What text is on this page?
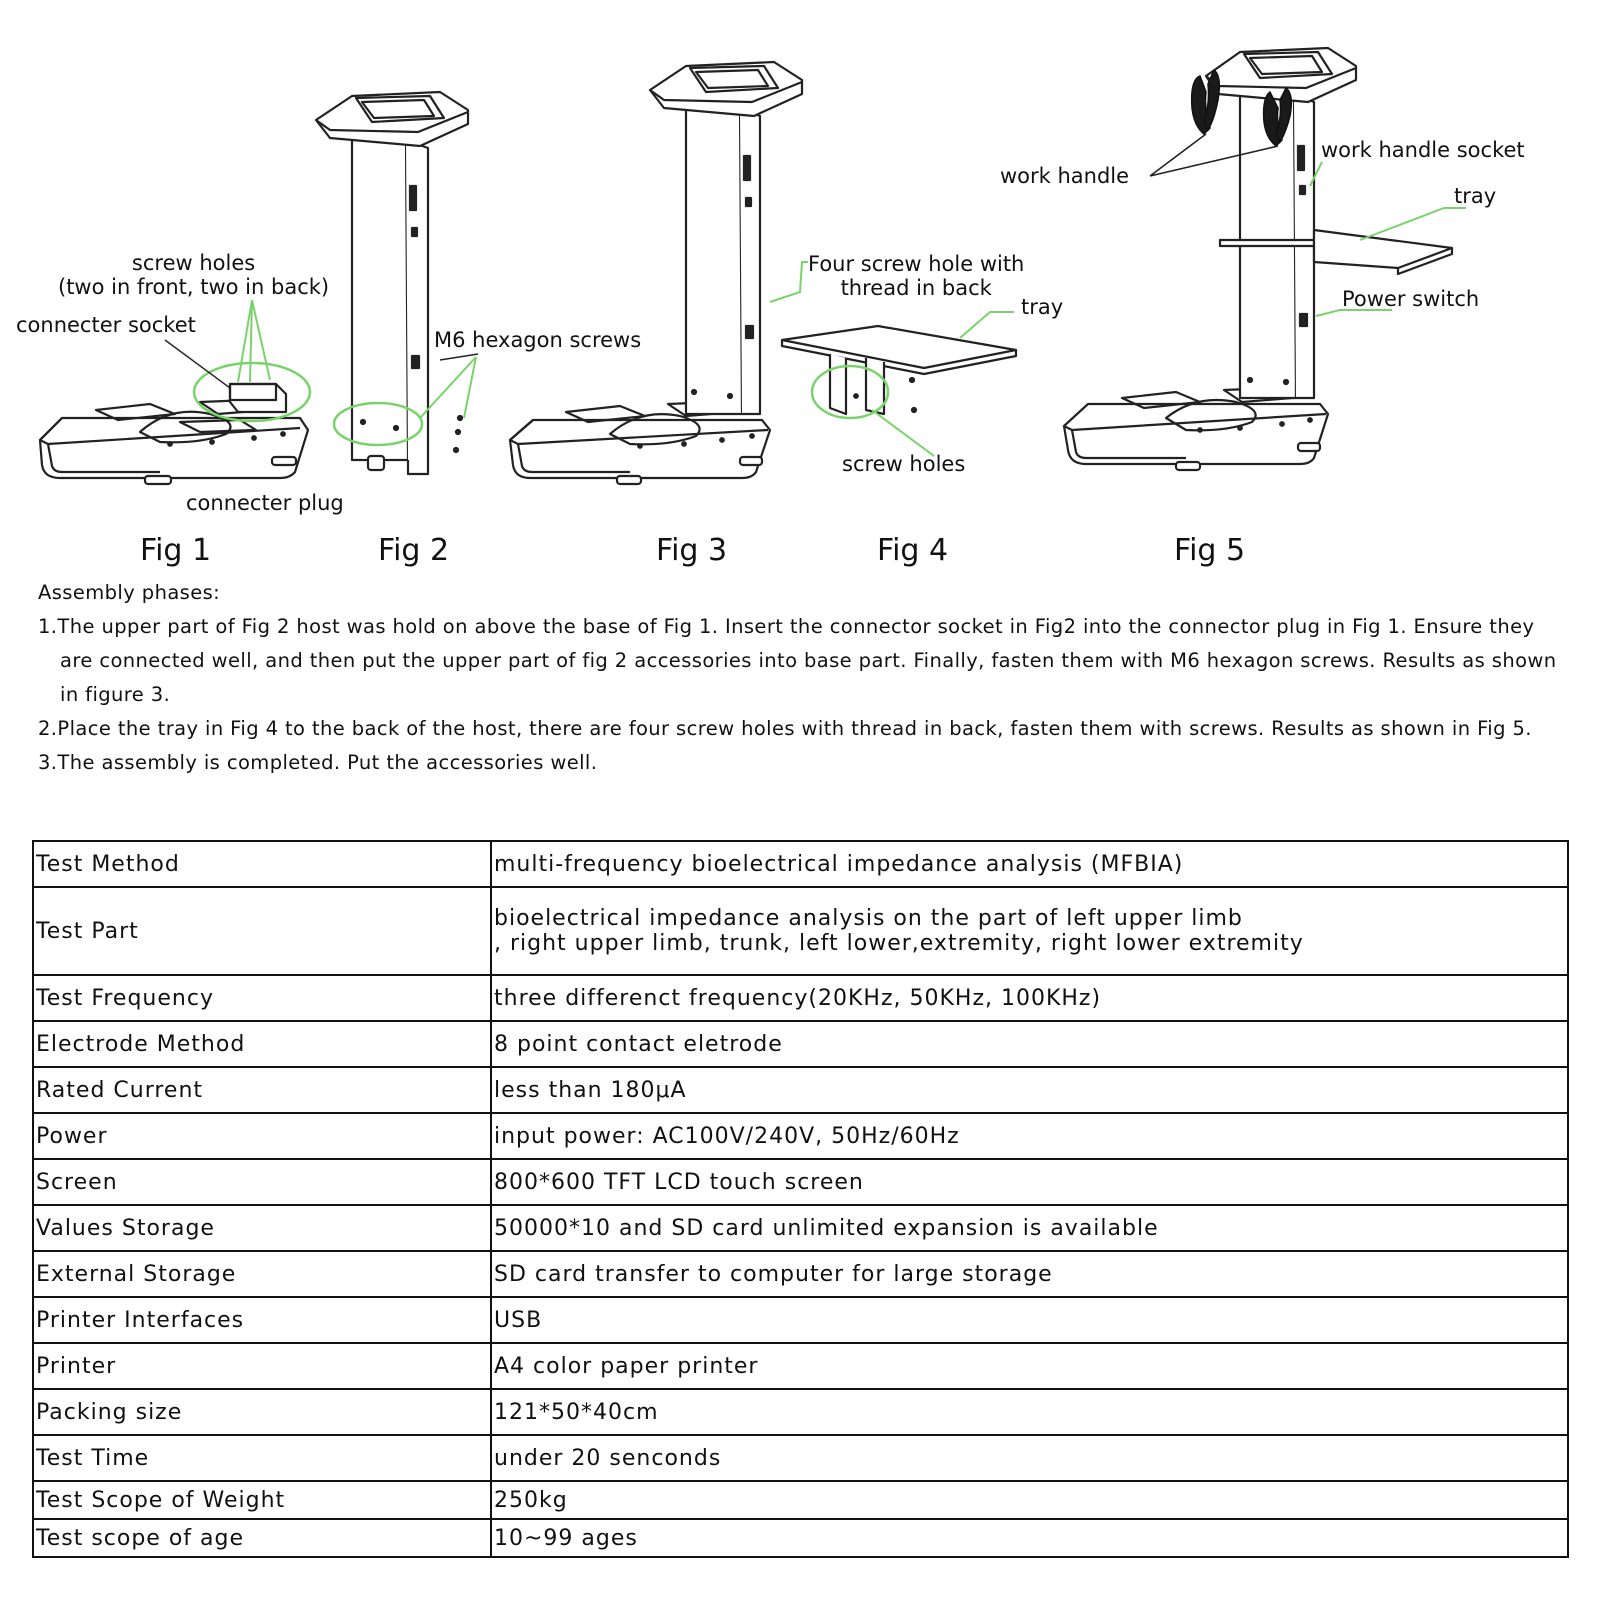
screw holes
(two in front, two in back)
connecter socket
connecter plug
M6 hexagon screws
Four screw hole with
thread in back
tray
screw holes
work handle
work handle socket
tray
Power switch
Fig 1	Fig 2	Fig 3	Fig 4	Fig 5
Assembly phases:
1.The upper part of Fig 2 host was hold on above the base of Fig 1. Insert the connector socket in Fig2 into the connector plug in Fig 1. Ensure they are connected well, and then put the upper part of fig 2 accessories into base part. Finally, fasten them with M6 hexagon screws. Results as shown in figure 3.
2.Place the tray in Fig 4 to the back of the host, there are four screw holes with thread in back, fasten them with screws. Results as shown in Fig 5.
3.The assembly is completed. Put the accessories well.
Test Method	multi-frequency bioelectrical impedance analysis (MFBIA)
Test Part	bioelectrical impedance analysis on the part of left upper limb
, right upper limb, trunk, left lower,extremity, right lower extremity

Test Frequency	three differenct frequency(20KHz, 50KHz, 100KHz)
Electrode Method	8 point contact eletrode
Rated Current	less than 180μA
Power	input power: AC100V/240V, 50Hz/60Hz
Screen	800*600 TFT LCD touch screen
Values Storage	50000*10 and SD card unlimited expansion is available
External Storage	SD card transfer to computer for large storage
Printer Interfaces	USB
Printer	A4 color paper printer
Packing size	121*50*40cm
Test Time	under 20 senconds
Test Scope of Weight	250kg
Test scope of age	10~99 ages
